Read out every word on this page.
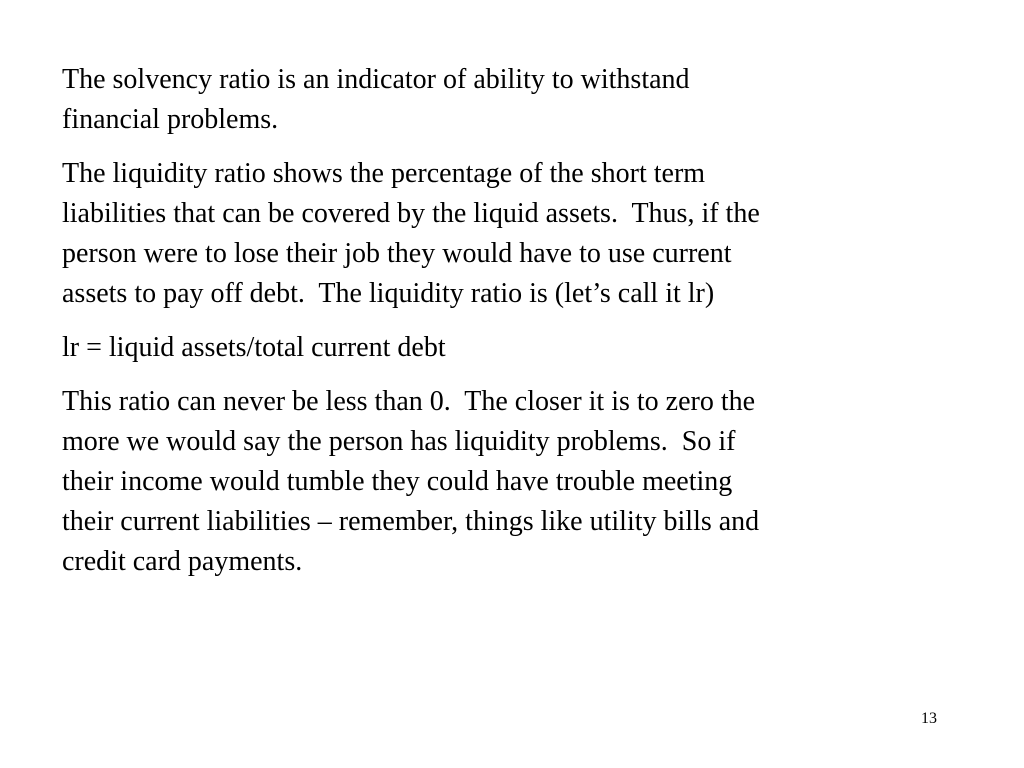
The solvency ratio is an indicator of ability to withstand
financial problems.

The liquidity ratio shows the percentage of the short term
liabilities that can be covered by the liquid assets.  Thus, if the
person were to lose their job they would have to use current
assets to pay off debt.  The liquidity ratio is (let’s call it lr)

lr = liquid assets/total current debt

This ratio can never be less than 0.  The closer it is to zero the
more we would say the person has liquidity problems.  So if
their income would tumble they could have trouble meeting
their current liabilities – remember, things like utility bills and
credit card payments.

13
